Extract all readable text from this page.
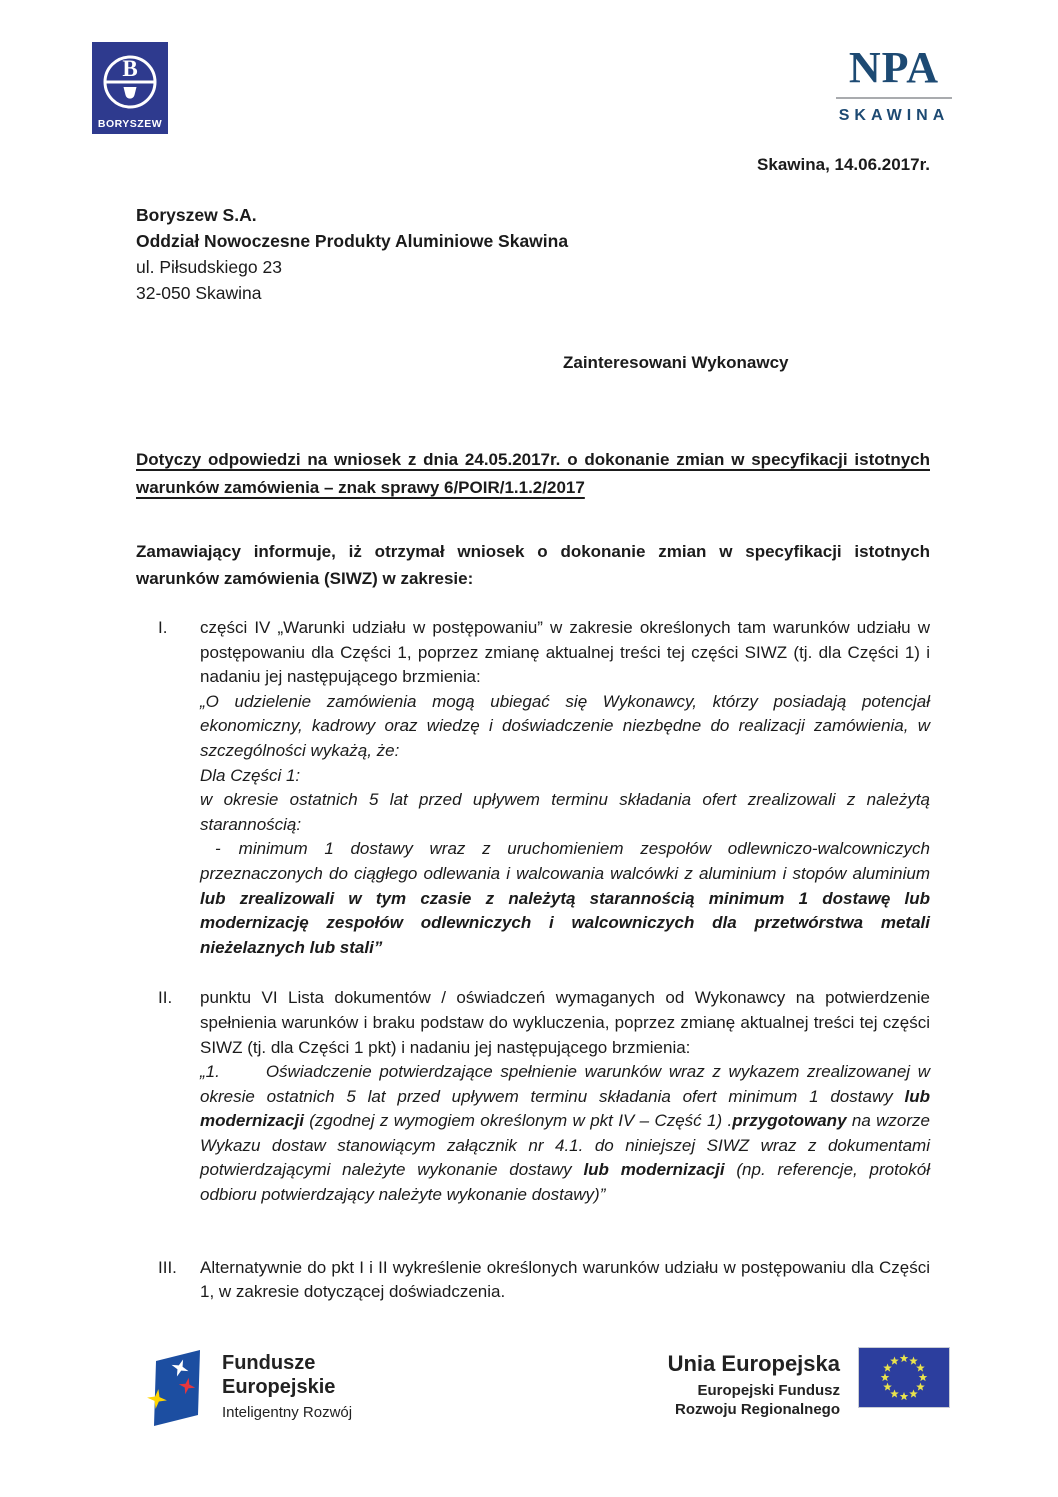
B
BORYSZEW
NPA
SKAWINA
Skawina, 14.06.2017r.
Boryszew S.A.
Oddział Nowoczesne Produkty Aluminiowe Skawina
ul. Piłsudskiego 23
32-050 Skawina
Zainteresowani Wykonawcy
Dotyczy odpowiedzi na wniosek z dnia 24.05.2017r. o dokonanie zmian w specyfikacji istotnych warunków zamówienia – znak sprawy 6/POIR/1.1.2/2017
Zamawiający informuje, iż otrzymał wniosek o dokonanie zmian w specyfikacji istotnych warunków zamówienia (SIWZ) w zakresie:
I.	części IV „Warunki udziału w postępowaniu” w zakresie określonych tam warunków udziału w postępowaniu dla Części 1, poprzez zmianę aktualnej treści tej części SIWZ (tj. dla Części 1) i nadaniu jej następującego brzmienia:

„O udzielenie zamówienia mogą ubiegać się Wykonawcy, którzy posiadają potencjał ekonomiczny, kadrowy oraz wiedzę i doświadczenie niezbędne do realizacji zamówienia, w szczególności wykażą, że:

Dla Części 1:

w okresie ostatnich 5 lat przed upływem terminu składania ofert zrealizowali z należytą starannością:

- minimum 1 dostawy wraz z uruchomieniem zespołów odlewniczo-walcowniczych przeznaczonych do ciągłego odlewania i walcowania walcówki z aluminium i stopów aluminium lub zrealizowali w tym czasie z należytą starannością minimum 1 dostawę lub modernizację zespołów odlewniczych i walcowniczych dla przetwórstwa metali nieżelaznych lub stali”

II.	punktu VI Lista dokumentów / oświadczeń wymaganych od Wykonawcy na potwierdzenie spełnienia warunków i braku podstaw do wykluczenia, poprzez zmianę aktualnej treści tej części SIWZ (tj. dla Części 1 pkt) i nadaniu jej następującego brzmienia:

„1.      Oświadczenie potwierdzające spełnienie warunków wraz z wykazem zrealizowanej w okresie ostatnich 5 lat przed upływem terminu składania ofert minimum 1 dostawy lub modernizacji (zgodnej z wymogiem określonym w pkt IV – Część 1) .przygotowany na wzorze Wykazu dostaw stanowiącym załącznik nr 4.1. do niniejszej SIWZ wraz z dokumentami potwierdzającymi należyte wykonanie dostawy lub modernizacji (np. referencje, protokół odbioru potwierdzający należyte wykonanie dostawy)”

III.	Alternatywnie do pkt I i II wykreślenie określonych warunków udziału w postępowaniu dla Części 1, w zakresie dotyczącej doświadczenia.

Fundusze
Europejskie
Inteligentny Rozwój
Unia Europejska
Europejski Fundusz
Rozwoju Regionalnego
